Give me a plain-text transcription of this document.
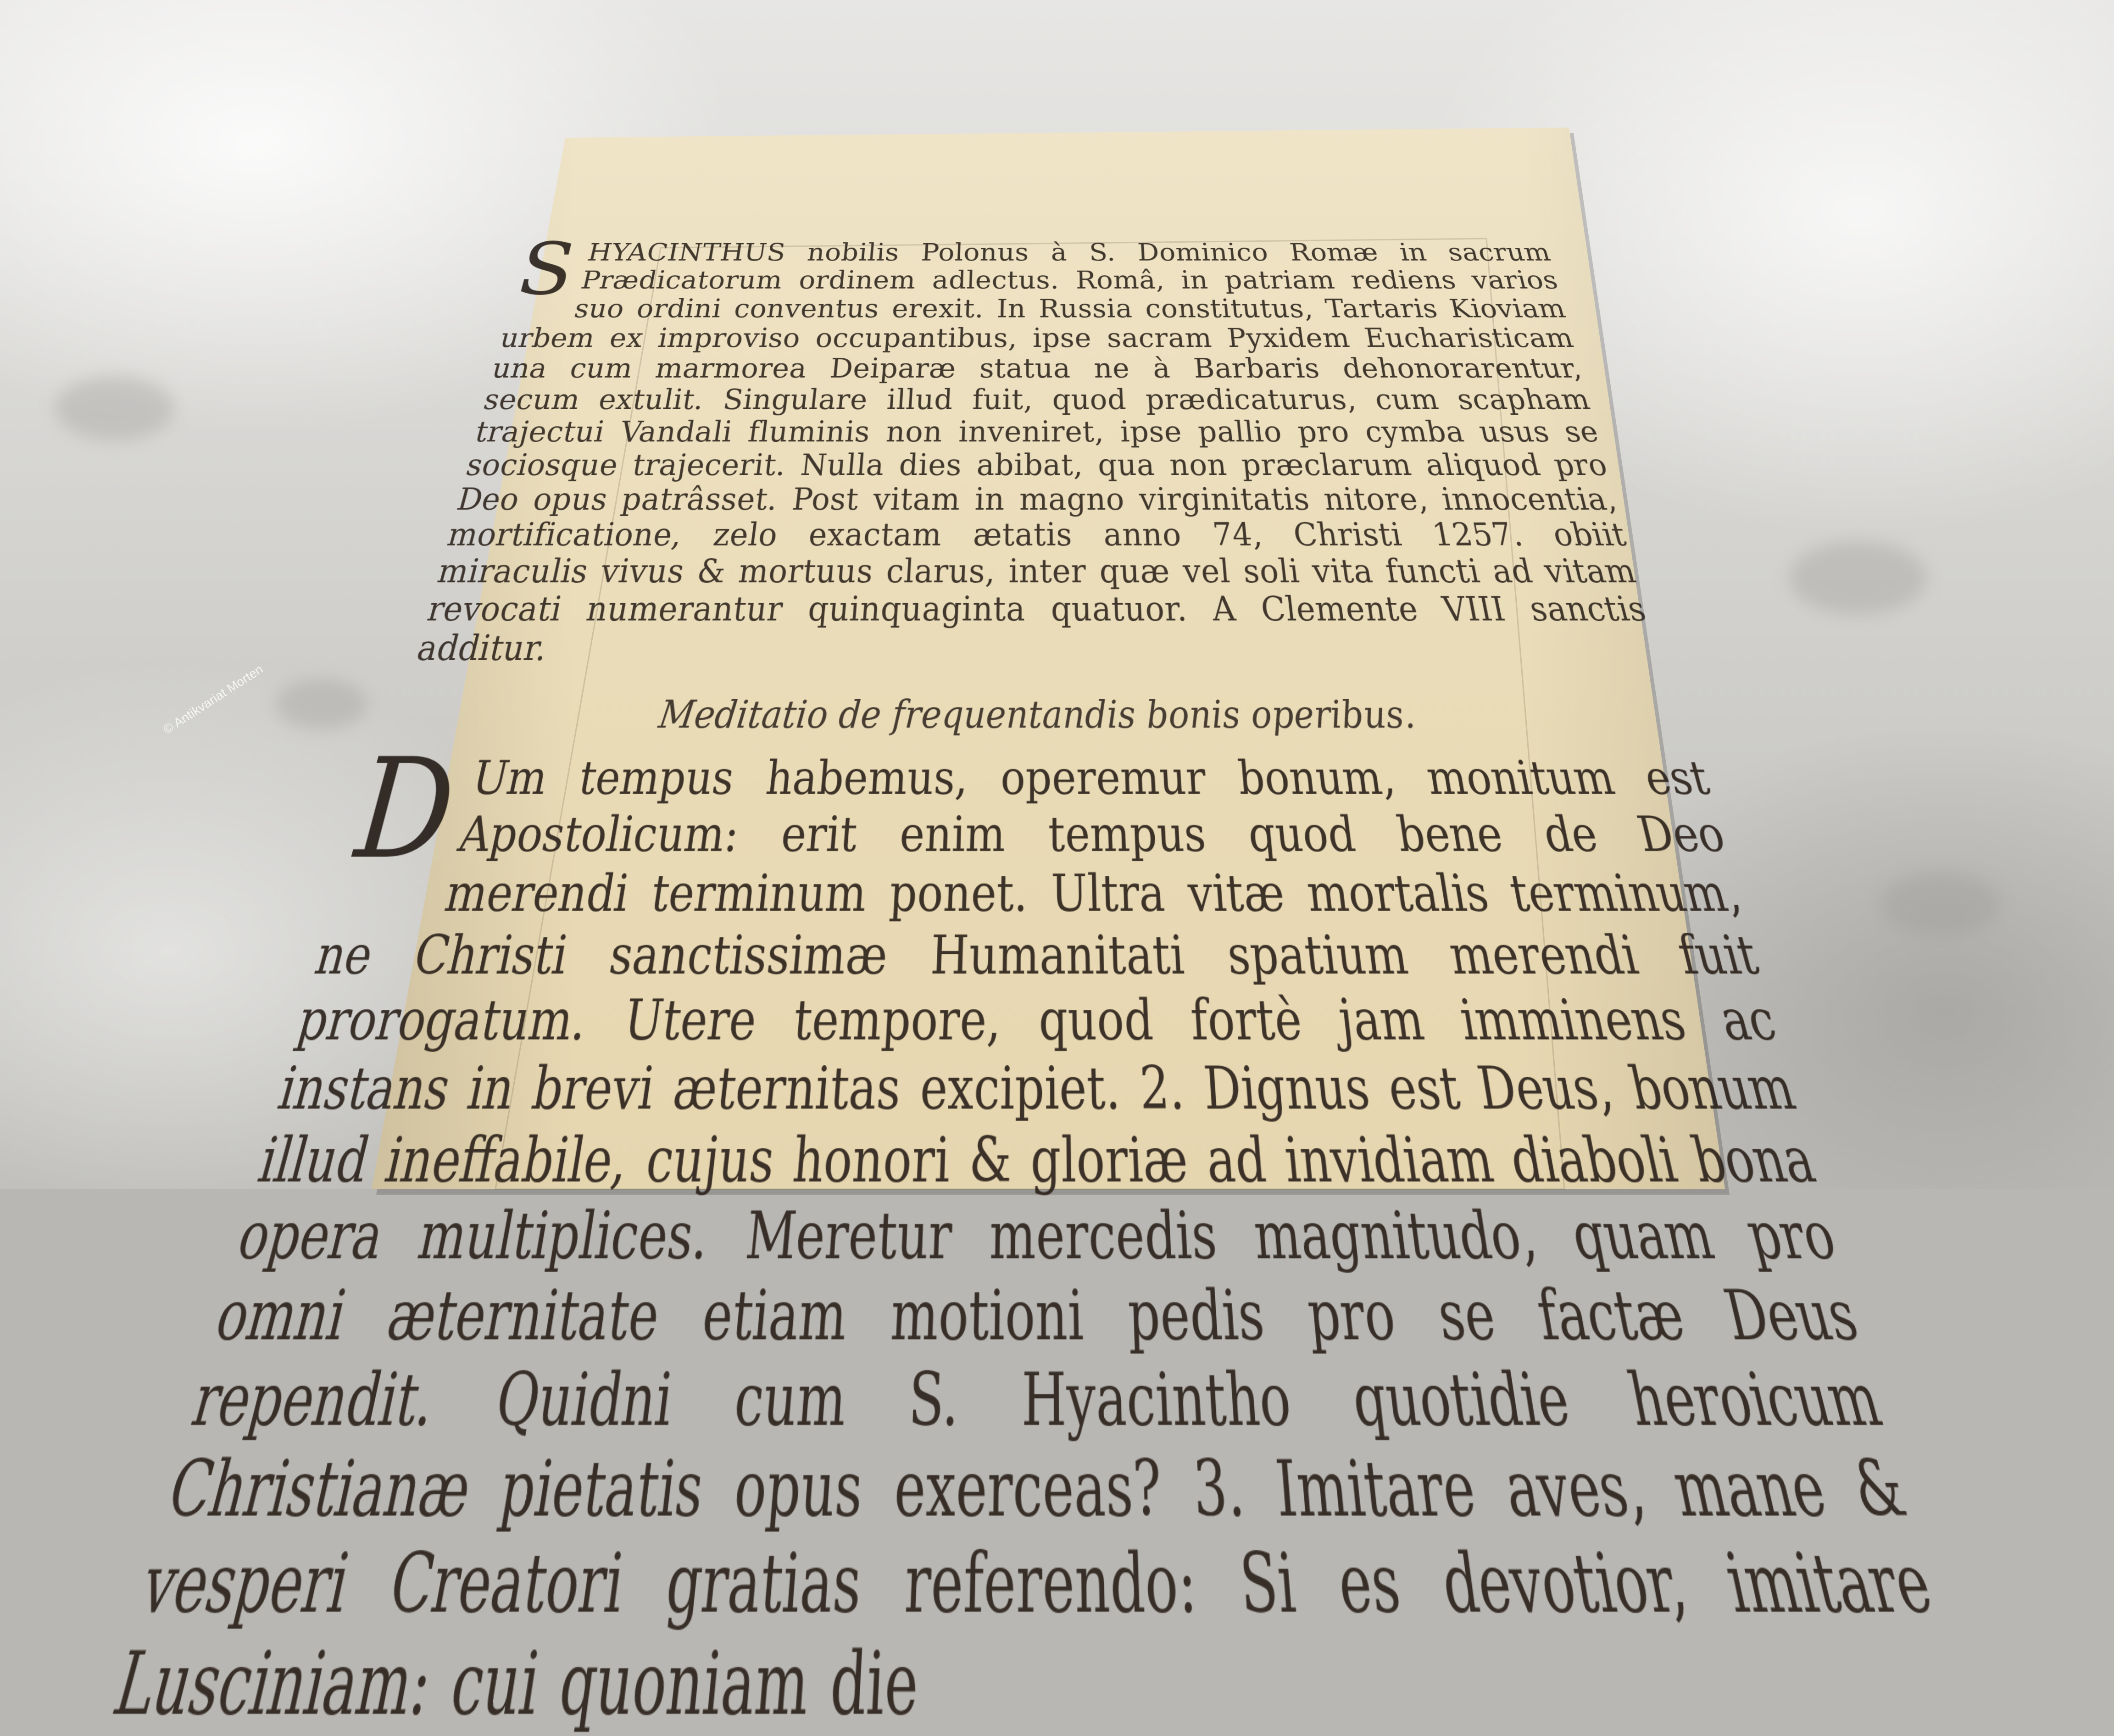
S HYACINTHUS nobilis Polonus à S. Dominico Romæ in sacrum Prædicatorum ordinem adlectus. Româ, in patriam rediens varios suo ordini conventus erexit. In Russia constitutus, Tartaris Kioviam urbem ex improviso occupantibus, ipse sacram Pyxidem Eucharisticam una cum marmorea Deiparæ statua ne à Barbaris dehonorarentur, secum extulit. Singulare illud fuit, quod prædicaturus, cum scapham trajectui Vandali fluminis non inveniret, ipse pallio pro cymba usus se sociosque trajecerit. Nulla dies abibat, qua non præclarum aliquod pro Deo opus patrâsset. Post vitam in magno virginitatis nitore, innocentia, mortificatione, zelo exactam ætatis anno 74, Christi 1257. obiit miraculis vivus & mortuus clarus, inter quæ vel soli vita functi ad vitam revocati numerantur quinquaginta quatuor. A Clemente VIII sanctis additur.

Meditatio de frequentandis bonis operibus.

D
Um tempus habemus, operemur bonum, monitum est Apostolicum: erit enim tempus quod bene de Deo merendi terminum ponet. Ultra vitæ mortalis terminum, ne Christi sanctissimæ Humanitati spatium merendi fuit prorogatum. Utere tempore, quod fortè jam imminens ac instans in brevi æternitas excipiet. 2. Dignus est Deus, bonum illud ineffabile, cujus honori & gloriæ ad invidiam diaboli bona opera multiplices. Meretur mercedis magnitudo, quam pro omni æternitate etiam motioni pedis pro se factæ Deus rependit. Quidni cum S. Hyacintho quotidie heroicum Christianæ pietatis opus exerceas? 3. Imitare aves, mane & vesperi Creatori gratias referendo: Si es devotior, imitare Lusciniam: cui quoniam die

© Antikvariat Morten
